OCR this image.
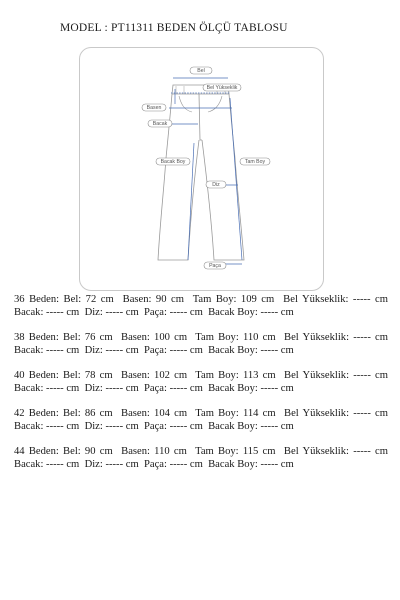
MODEL : PT11311 BEDEN ÖLÇÜ TABLOSU
Bel
Bel Yükseklik
Basen
Bacak
Bacak Boy	Tam Boy
Diz
Paça
36 Beden: Bel: 72 cm  Basen: 90 cm  Tam Boy: 109 cm  Bel Yükseklik: ----- cm  Bacak: ----- cm  Diz: ----- cm  Paça: ----- cm  Bacak Boy: ----- cm
38 Beden: Bel: 76 cm  Basen: 100 cm  Tam Boy: 110 cm  Bel Yükseklik: ----- cm  Bacak: ----- cm  Diz: ----- cm  Paça: ----- cm  Bacak Boy: ----- cm
40 Beden: Bel: 78 cm  Basen: 102 cm  Tam Boy: 113 cm  Bel Yükseklik: ----- cm  Bacak: ----- cm  Diz: ----- cm  Paça: ----- cm  Bacak Boy: ----- cm
42 Beden: Bel: 86 cm  Basen: 104 cm  Tam Boy: 114 cm  Bel Yükseklik: ----- cm  Bacak: ----- cm  Diz: ----- cm  Paça: ----- cm  Bacak Boy: ----- cm
44 Beden: Bel: 90 cm  Basen: 110 cm  Tam Boy: 115 cm  Bel Yükseklik: ----- cm  Bacak: ----- cm  Diz: ----- cm  Paça: ----- cm  Bacak Boy: ----- cm
